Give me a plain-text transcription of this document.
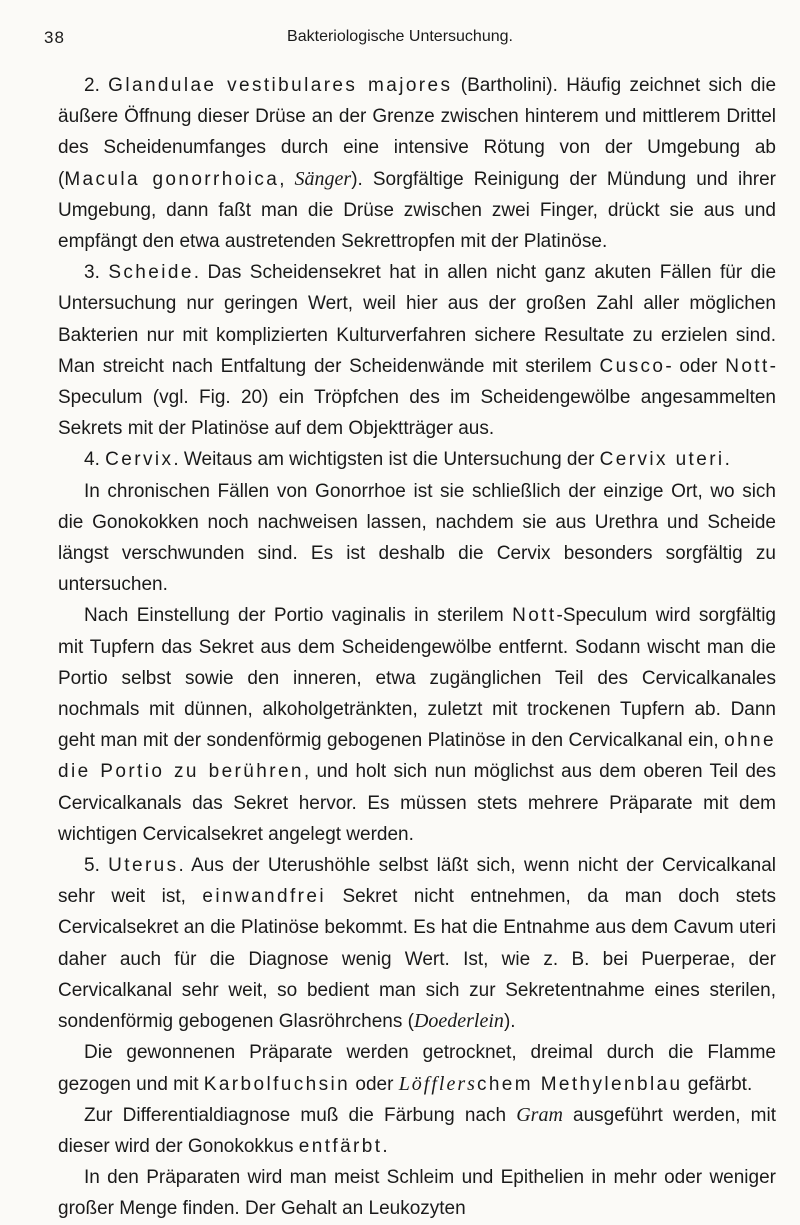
38	Bakteriologische Untersuchung.

2. Glandulae vestibulares majores (Bartholini). Häufig zeichnet sich die äußere Öffnung dieser Drüse an der Grenze zwischen hinterem und mittlerem Drittel des Scheidenumfanges durch eine intensive Rötung von der Umgebung ab (Macula gonorrhoica, Sänger). Sorgfältige Reinigung der Mündung und ihrer Umgebung, dann faßt man die Drüse zwischen zwei Finger, drückt sie aus und empfängt den etwa austretenden Sekrettropfen mit der Platinöse.

3. Scheide. Das Scheidensekret hat in allen nicht ganz akuten Fällen für die Untersuchung nur geringen Wert, weil hier aus der großen Zahl aller möglichen Bakterien nur mit komplizierten Kulturverfahren sichere Resultate zu erzielen sind. Man streicht nach Entfaltung der Scheidenwände mit sterilem Cusco- oder Nott-Speculum (vgl. Fig. 20) ein Tröpfchen des im Scheidengewölbe angesammelten Sekrets mit der Platinöse auf dem Objektträger aus.

4. Cervix. Weitaus am wichtigsten ist die Untersuchung der Cervix uteri.

In chronischen Fällen von Gonorrhoe ist sie schließlich der einzige Ort, wo sich die Gonokokken noch nachweisen lassen, nachdem sie aus Urethra und Scheide längst verschwunden sind. Es ist deshalb die Cervix besonders sorgfältig zu untersuchen.

Nach Einstellung der Portio vaginalis in sterilem Nott-Speculum wird sorgfältig mit Tupfern das Sekret aus dem Scheidengewölbe entfernt. Sodann wischt man die Portio selbst sowie den inneren, etwa zugänglichen Teil des Cervicalkanales nochmals mit dünnen, alkoholgetränkten, zuletzt mit trockenen Tupfern ab. Dann geht man mit der sondenförmig gebogenen Platinöse in den Cervicalkanal ein, ohne die Portio zu berühren, und holt sich nun möglichst aus dem oberen Teil des Cervicalkanals das Sekret hervor. Es müssen stets mehrere Präparate mit dem wichtigen Cervicalsekret angelegt werden.

5. Uterus. Aus der Uterushöhle selbst läßt sich, wenn nicht der Cervicalkanal sehr weit ist, einwandfrei Sekret nicht entnehmen, da man doch stets Cervicalsekret an die Platinöse bekommt. Es hat die Entnahme aus dem Cavum uteri daher auch für die Diagnose wenig Wert. Ist, wie z. B. bei Puerperae, der Cervicalkanal sehr weit, so bedient man sich zur Sekretentnahme eines sterilen, sondenförmig gebogenen Glasröhrchens (Doederlein).

Die gewonnenen Präparate werden getrocknet, dreimal durch die Flamme gezogen und mit Karbolfuchsin oder Löfflerschem Methylenblau gefärbt.

Zur Differentialdiagnose muß die Färbung nach Gram ausgeführt werden, mit dieser wird der Gonokokkus entfärbt.

In den Präparaten wird man meist Schleim und Epithelien in mehr oder weniger großer Menge finden. Der Gehalt an Leukozyten
